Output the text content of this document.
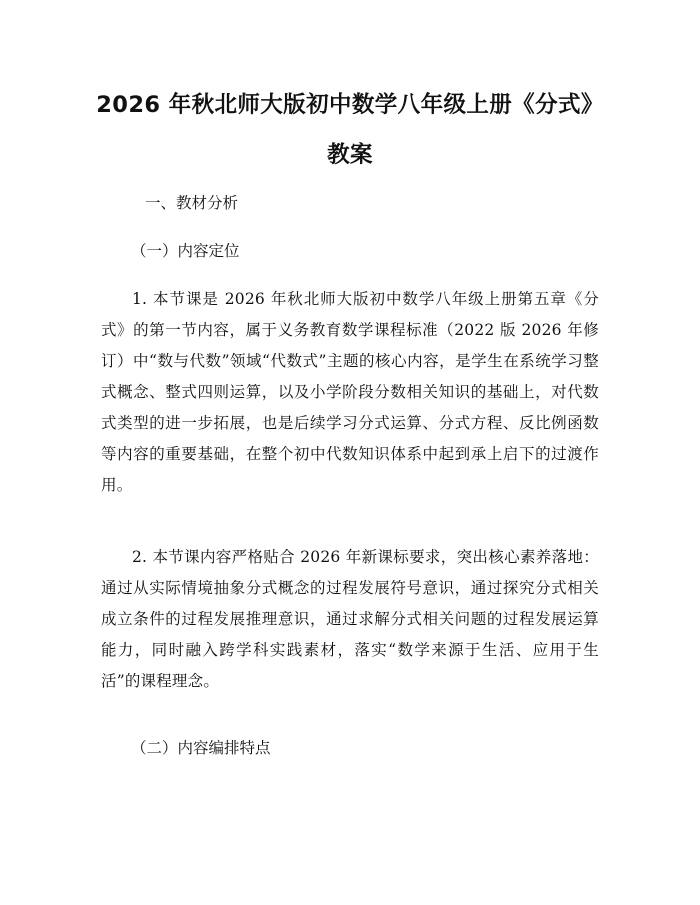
2026 年秋北师大版初中数学八年级上册《分式》教案

一、教材分析

（一）内容定位

1. 本节课是 2026 年秋北师大版初中数学八年级上册第五章《分式》的第一节内容，属于义务教育数学课程标准（2022 版 2026 年修订）中“数与代数”领域“代数式”主题的核心内容，是学生在系统学习整式概念、整式四则运算，以及小学阶段分数相关知识的基础上，对代数式类型的进一步拓展，也是后续学习分式运算、分式方程、反比例函数等内容的重要基础，在整个初中代数知识体系中起到承上启下的过渡作用。

2. 本节课内容严格贴合 2026 年新课标要求，突出核心素养落地：通过从实际情境抽象分式概念的过程发展符号意识，通过探究分式相关成立条件的过程发展推理意识，通过求解分式相关问题的过程发展运算能力，同时融入跨学科实践素材，落实“数学来源于生活、应用于生活”的课程理念。

（二）内容编排特点
